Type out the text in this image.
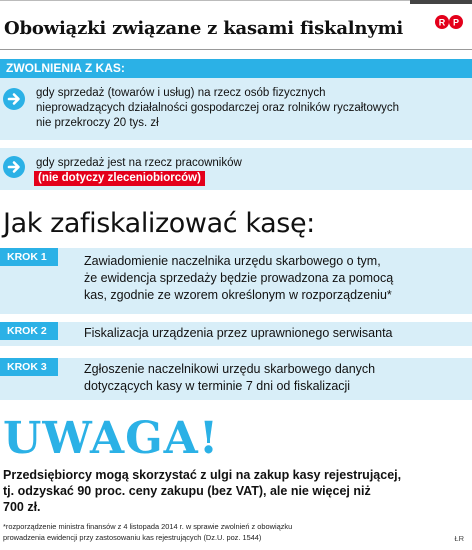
Obowiązki związane z kasami fiskalnymi	R P
RP
ZWOLNIENIA Z KAS:
gdy sprzedaż (towarów i usług) na rzecz osób fizycznych
nieprowadzących działalności gospodarczej oraz rolników ryczałtowych
nie przekroczy 20 tys. zł
gdy sprzedaż jest na rzecz pracowników
(nie dotyczy zleceniobiorców)
Jak zafiskalizować kasę:
KROK 1	Zawiadomienie naczelnika urzędu skarbowego o tym,
że ewidencja sprzedaży będzie prowadzona za pomocą
kas, zgodnie ze wzorem określonym w rozporządzeniu*
KROK 2	Fiskalizacja urządzenia przez uprawnionego serwisanta
KROK 3	Zgłoszenie naczelnikowi urzędu skarbowego danych
dotyczących kasy w terminie 7 dni od fiskalizacji
UWAGA!
Przedsiębiorcy mogą skorzystać z ulgi na zakup kasy rejestrującej,
tj. odzyskać 90 proc. ceny zakupu (bez VAT), ale nie więcej niż
700 zł.
*rozporządzenie ministra finansów z 4 listopada 2014 r. w sprawie zwolnień z obowiązku
prowadzenia ewidencji przy zastosowaniu kas rejestrujących (Dz.U. poz. 1544)	ŁR
